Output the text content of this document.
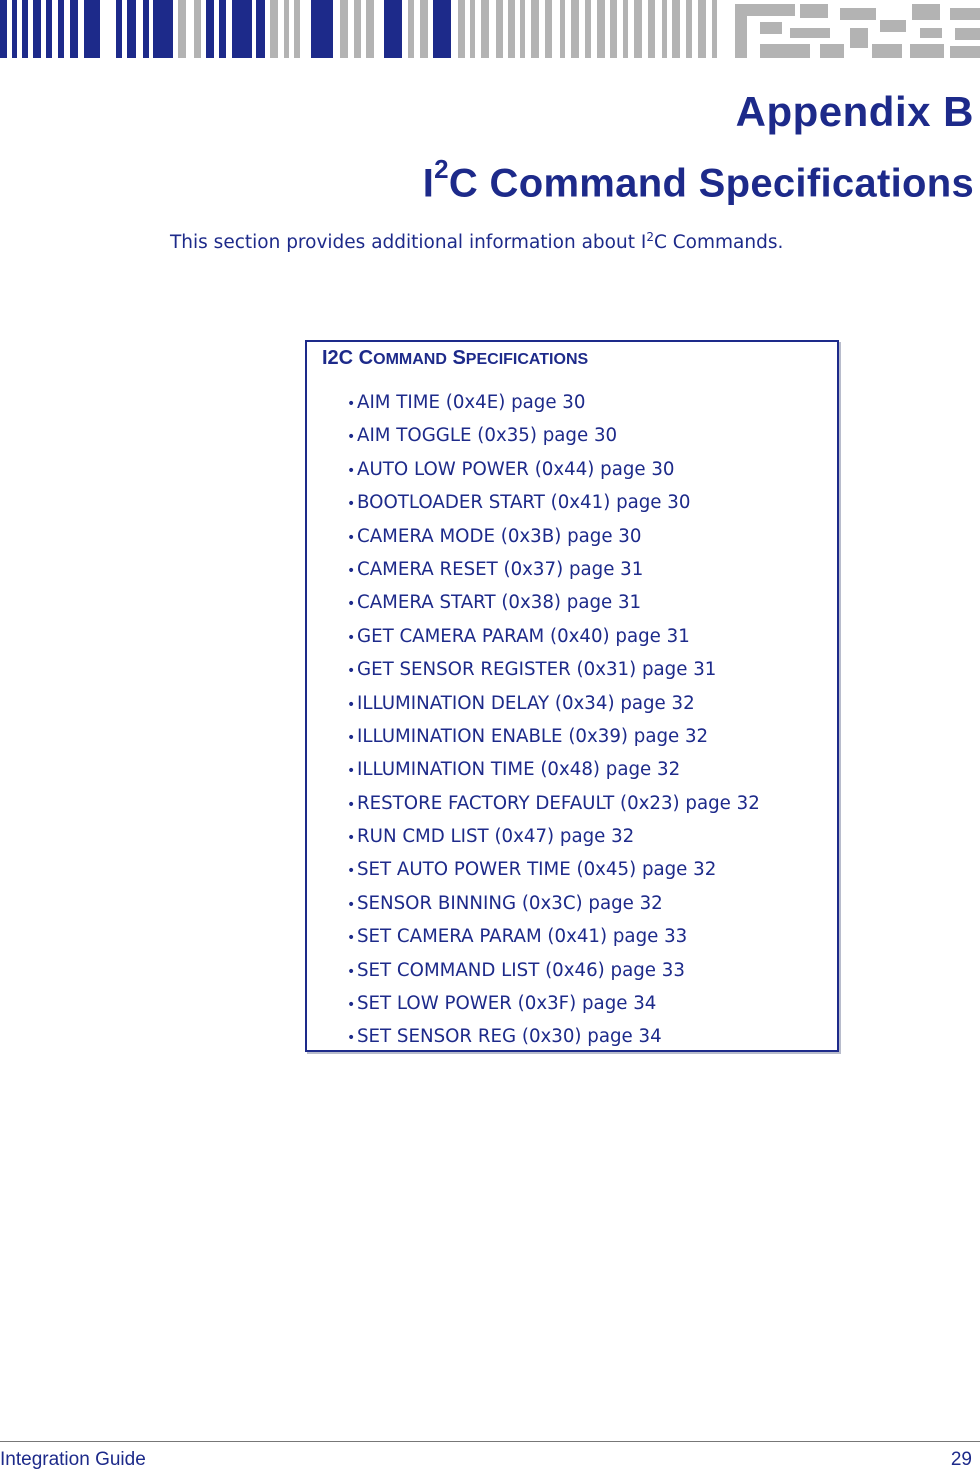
Appendix B
$I^2C$ Command Specifications
This section provides additional information about $I^2C$ Commands.
I2C COMMAND SPECIFICATIONS
•AIM TIME (0x4E) page 30
•AIM TOGGLE (0x35) page 30
•AUTO LOW POWER (0x44) page 30
•BOOTLOADER START (0x41) page 30
•CAMERA MODE (0x3B) page 30
•CAMERA RESET (0x37) page 31
•CAMERA START (0x38) page 31
•GET CAMERA PARAM (0x40) page 31
•GET SENSOR REGISTER (0x31) page 31
•ILLUMINATION DELAY (0x34) page 32
•ILLUMINATION ENABLE (0x39) page 32
•ILLUMINATION TIME (0x48) page 32
•RESTORE FACTORY DEFAULT (0x23) page 32
•RUN CMD LIST (0x47) page 32
•SET AUTO POWER TIME (0x45) page 32
•SENSOR BINNING (0x3C) page 32
•SET CAMERA PARAM (0x41) page 33
•SET COMMAND LIST (0x46) page 33
•SET LOW POWER (0x3F) page 34
•SET SENSOR REG (0x30) page 34
Integration Guide	29
